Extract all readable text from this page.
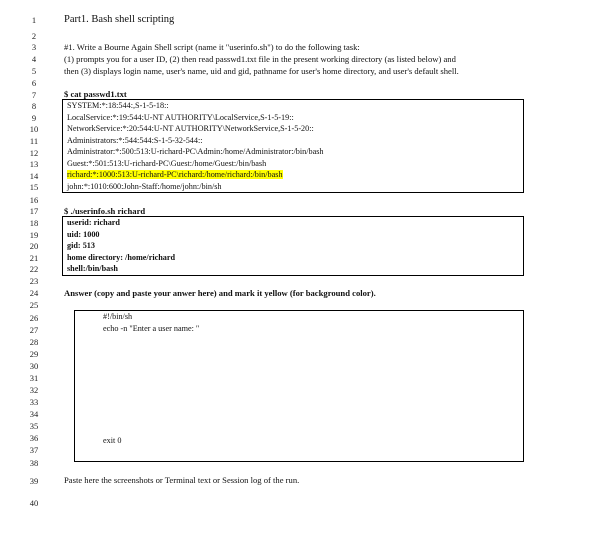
1
2
3
4
5
6
7
8
9
10
11
12
13
14
15
16
17
18
19
20
21
22
23
24
25
26
27
28
29
30
31
32
33
34
35
36
37
38
39
40
Part1. Bash shell scripting
#1. Write a Bourne Again Shell script (name it "userinfo.sh") to do the following task:
(1) prompts you for a user ID, (2) then read passwd1.txt file in the present working directory (as listed below) and
then (3) displays login name, user's name, uid and gid, pathname for user's home directory, and user's default shell.
$ cat passwd1.txt
SYSTEM:*:18:544:,S-1-5-18::
LocalService:*:19:544:U-NT AUTHORITY\LocalService,S-1-5-19::
NetworkService:*:20:544:U-NT AUTHORITY\NetworkService,S-1-5-20::
Administrators:*:544:544:S-1-5-32-544::
Administrator:*:500:513:U-richard-PC\Admin:/home/Administrator:/bin/bash
Guest:*:501:513:U-richard-PC\Guest:/home/Guest:/bin/bash
richard:*:1000:513:U-richard-PC\richard:/home/richard:/bin/bash
john:*:1010:600:John-Staff:/home/john:/bin/sh
$ ./userinfo.sh richard
userid: richard
uid: 1000
gid: 513
home directory: /home/richard
shell:/bin/bash
Answer (copy and paste your anwer here) and mark it yellow (for background color).
#!/bin/sh
echo -n "Enter a user name: "
exit 0
Paste here the screenshots or Terminal text or Session log of the run.
